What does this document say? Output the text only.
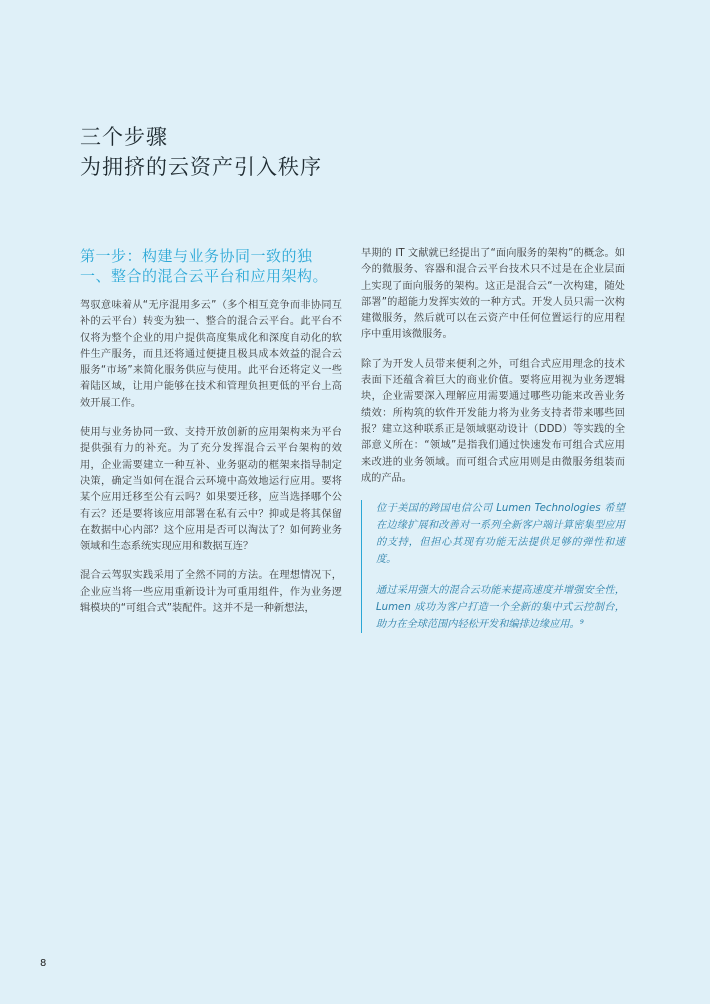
三个步骤
为拥挤的云资产引入秩序
第一步：构建与业务协同一致的独一、整合的混合云平台和应用架构。

驾驭意味着从“无序混用多云”（多个相互竞争而非协同互补的云平台）转变为独一、整合的混合云平台。此平台不仅将为整个企业的用户提供高度集成化和深度自动化的软件生产服务，而且还将通过便捷且极具成本效益的混合云服务“市场”来简化服务供应与使用。此平台还将定义一些着陆区域，让用户能够在技术和管理负担更低的平台上高效开展工作。

使用与业务协同一致、支持开放创新的应用架构来为平台提供强有力的补充。为了充分发挥混合云平台架构的效用，企业需要建立一种互补、业务驱动的框架来指导制定决策，确定当如何在混合云环境中高效地运行应用。要将某个应用迁移至公有云吗？如果要迁移，应当选择哪个公有云？还是要将该应用部署在私有云中？抑或是将其保留在数据中心内部？这个应用是否可以淘汰了？如何跨业务领域和生态系统实现应用和数据互连？

混合云驾驭实践采用了全然不同的方法。在理想情况下，企业应当将一些应用重新设计为可重用组件，作为业务逻辑模块的“可组合式”装配件。这并不是一种新想法，

早期的 IT 文献就已经提出了“面向服务的架构”的概念。如今的微服务、容器和混合云平台技术只不过是在企业层面上实现了面向服务的架构。这正是混合云“一次构建，随处部署”的超能力发挥实效的一种方式。开发人员只需一次构建微服务，然后就可以在云资产中任何位置运行的应用程序中重用该微服务。

除了为开发人员带来便利之外，可组合式应用理念的技术表面下还蕴含着巨大的商业价值。要将应用视为业务逻辑块，企业需要深入理解应用需要通过哪些功能来改善业务绩效：所构筑的软件开发能力将为业务支持者带来哪些回报？建立这种联系正是领域驱动设计（DDD）等实践的全部意义所在：“领域”是指我们通过快速发布可组合式应用来改进的业务领域。而可组合式应用则是由微服务组装而成的产品。

位于美国的跨国电信公司 Lumen Technologies 希望在边缘扩展和改善对一系列全新客户端计算密集型应用的支持，但担心其现有功能无法提供足够的弹性和速度。

通过采用强大的混合云功能来提高速度并增强安全性，Lumen 成功为客户打造一个全新的集中式云控制台，助力在全球范围内轻松开发和编排边缘应用。⁹

8
